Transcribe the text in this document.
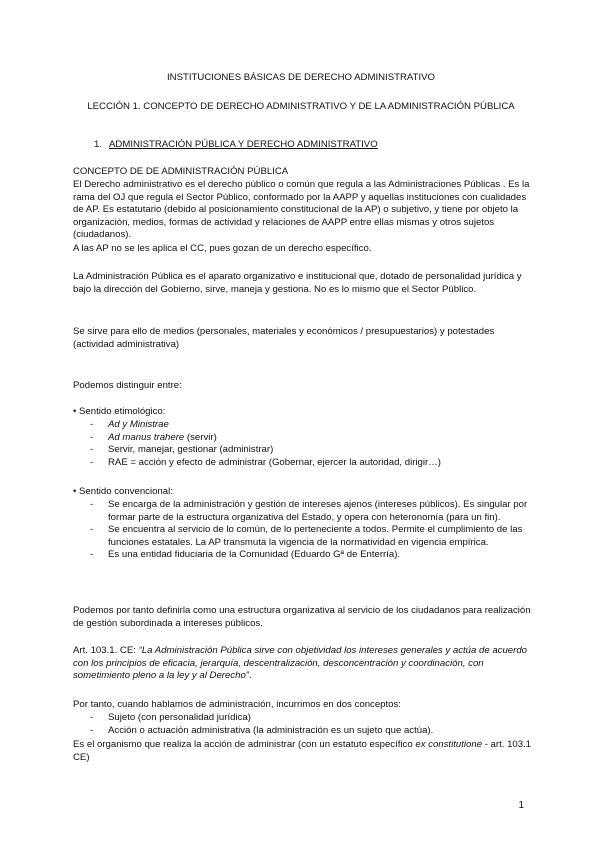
INSTITUCIONES BÁSICAS DE DERECHO ADMINISTRATIVO

LECCIÓN 1. CONCEPTO DE DERECHO ADMINISTRATIVO Y DE LA ADMINISTRACIÓN PÚBLICA

1. ADMINISTRACIÓN PÚBLICA Y DERECHO ADMINISTRATIVO

CONCEPTO DE DE ADMINISTRACIÓN PÚBLICA

El Derecho administrativo es el derecho público o común que regula a las Administraciones Públicas . Es la rama del OJ que regula el Sector Público, conformado por la AAPP y aquellas instituciones con cualidades de AP. Es estatutario (debido al posicionamiento constitucional de la AP) o subjetivo, y tiene por objeto la organización, medios, formas de actividad y relaciones de AAPP entre ellas mismas y otros sujetos (ciudadanos).

A las AP no se les aplica el CC, pues gozan de un derecho específico.

La Administración Pública es el aparato organizativo e institucional que, dotado de personalidad jurídica y bajo la dirección del Gobierno, sirve, maneja y gestiona. No es lo mismo que el Sector Público.

Se sirve para ello de medios (personales, materiales y económicos / presupuestarios) y potestades (actividad administrativa)

Podemos distinguir entre:

• Sentido etimológico:

- Ad y Ministrae
- Ad manus trahere (servir)
- Servir, manejar, gestionar (administrar)
- RAE = acción y efecto de administrar (Gobernar, ejercer la autoridad, dirigir…)

• Sentido convencional:

- Se encarga de la administración y gestión de intereses ajenos (intereses públicos). Es singular por formar parte de la estructura organizativa del Estado, y opera con heteronomía (para un fin).
- Se encuentra al servicio de lo común, de lo perteneciente a todos. Permite el cumplimiento de las funciones estatales. La AP transmuta la vigencia de la normatividad en vigencia empírica.
- Es una entidad fiduciaria de la Comunidad (Eduardo Gª de Enterría).

Podemos por tanto definirla como una estructura organizativa al servicio de los ciudadanos para realización de gestión subordinada a intereses públicos.

Art. 103.1. CE: “La Administración Pública sirve con objetividad los intereses generales y actúa de acuerdo con los principios de eficacia, jerarquía, descentralización, desconcentración y coordinación, con sometimiento pleno a la ley y al Derecho”.

Por tanto, cuando hablamos de administración, incurrimos en dos conceptos:

- Sujeto (con personalidad jurídica)
- Acción o actuación administrativa (la administración es un sujeto que actúa).

Es el organismo que realiza la acción de administrar (con un estatuto específico ex constitutione - art. 103.1 CE)

1
